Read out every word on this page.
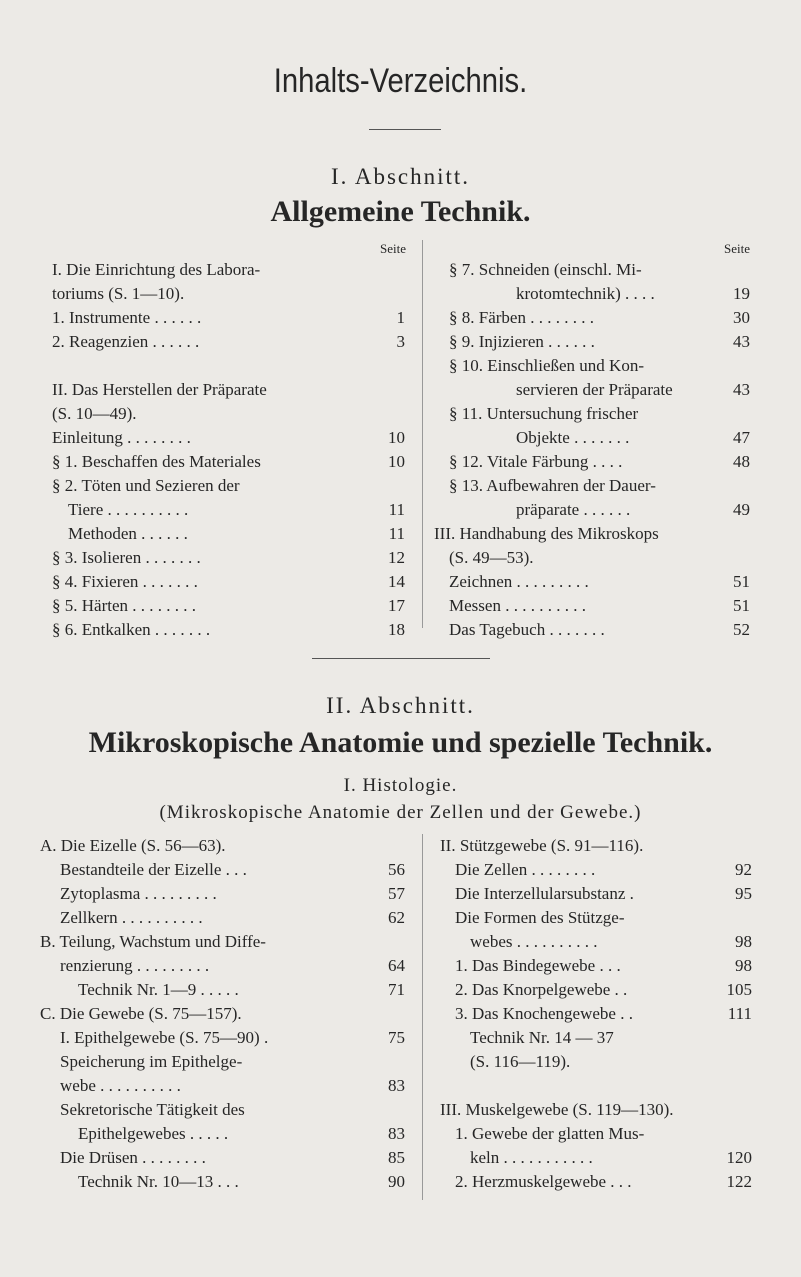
Inhalts-Verzeichnis.
I. Abschnitt.
Allgemeine Technik.
Seite	Seite
I. Die Einrichtung des Labora-
toriums (S. 1—10).
1. Instrumente . . . . . .	1
2. Reagenzien . . . . . .	3
II. Das Herstellen der Präparate
(S. 10—49).
Einleitung . . . . . . . .	10
§ 1. Beschaffen des Materiales	10
§ 2. Töten und Sezieren der
Tiere . . . . . . . . . .	11
Methoden . . . . . .	11
§ 3. Isolieren . . . . . . .	12
§ 4. Fixieren . . . . . . .	14
§ 5. Härten . . . . . . . .	17
§ 6. Entkalken . . . . . . .	18
§ 7. Schneiden (einschl. Mi-
krotomtechnik) . . . .	19
§ 8. Färben . . . . . . . .	30
§ 9. Injizieren . . . . . .	43
§ 10. Einschließen und Kon-
servieren der Präparate	43
§ 11. Untersuchung frischer
Objekte . . . . . . .	47
§ 12. Vitale Färbung . . . .	48
§ 13. Aufbewahren der Dauer-
präparate . . . . . .	49
III. Handhabung des Mikroskops
(S. 49—53).
Zeichnen . . . . . . . . .	51
Messen . . . . . . . . . .	51
Das Tagebuch . . . . . . .	52
II. Abschnitt.
Mikroskopische Anatomie und spezielle Technik.
I. Histologie.
(Mikroskopische Anatomie der Zellen und der Gewebe.)
A. Die Eizelle (S. 56—63).
Bestandteile der Eizelle . . .	56
Zytoplasma . . . . . . . . .	57
Zellkern . . . . . . . . . .	62
B. Teilung, Wachstum und Diffe-
renzierung . . . . . . . . .	64
Technik Nr. 1—9 . . . . .	71
C. Die Gewebe (S. 75—157).
I. Epithelgewebe (S. 75—90) .	75
Speicherung im Epithelge-
webe . . . . . . . . . .	83
Sekretorische Tätigkeit des
Epithelgewebes . . . . .	83
Die Drüsen . . . . . . . .	85
Technik Nr. 10—13 . . .	90
II. Stützgewebe (S. 91—116).
Die Zellen . . . . . . . .	92
Die Interzellularsubstanz .	95
Die Formen des Stützge-
webes . . . . . . . . . .	98
1. Das Bindegewebe . . .	98
2. Das Knorpelgewebe . .	105
3. Das Knochengewebe . .	111
Technik Nr. 14 — 37
(S. 116—119).
III. Muskelgewebe (S. 119—130).
1. Gewebe der glatten Mus-
keln . . . . . . . . . . .	120
2. Herzmuskelgewebe . . .	122
